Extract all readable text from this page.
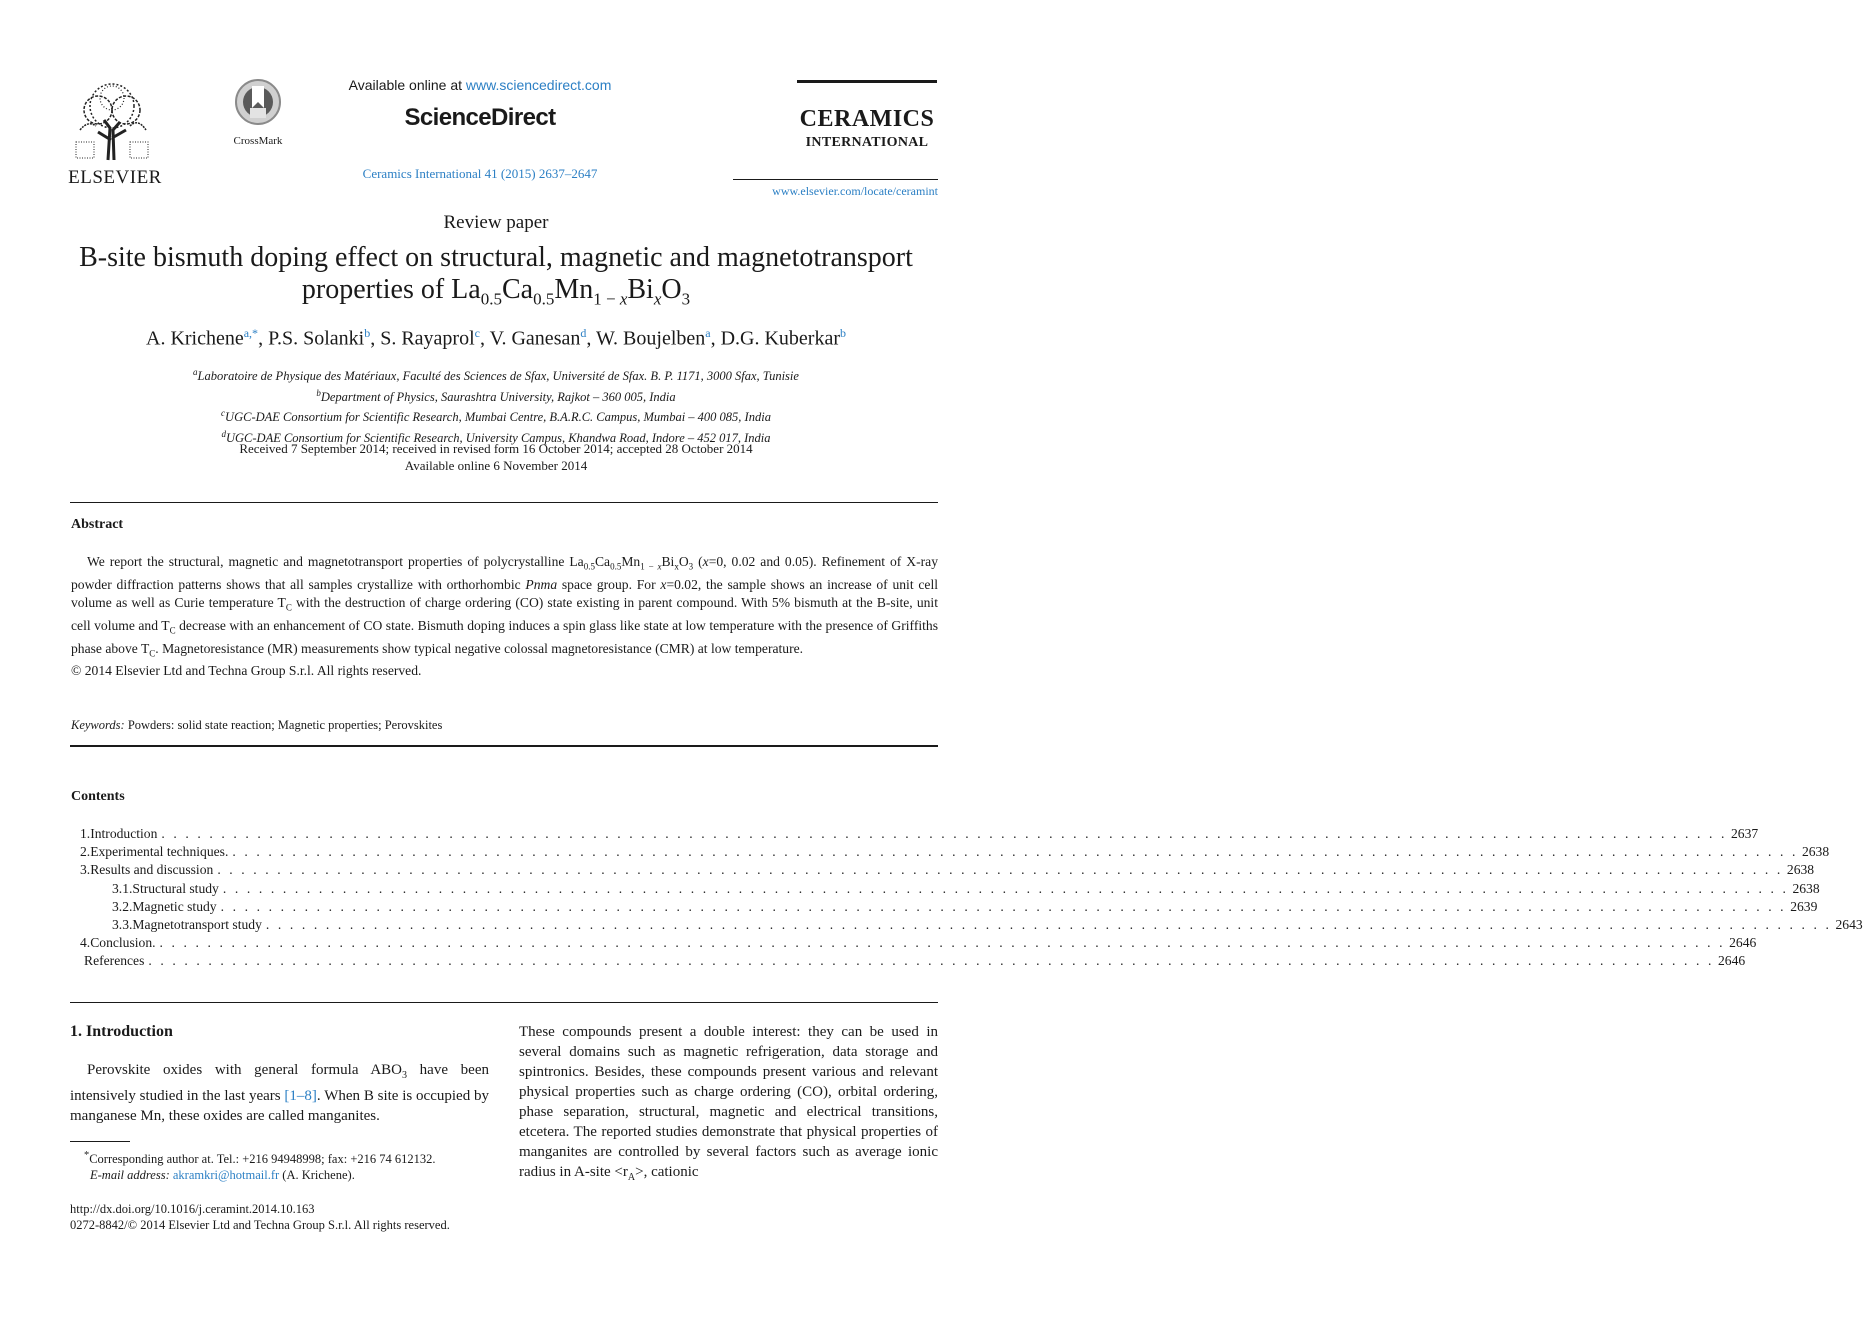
ELSEVIER
CrossMark
Available online at www.sciencedirect.com
ScienceDirect
Ceramics International 41 (2015) 2637–2647
CERAMICS
INTERNATIONAL
www.elsevier.com/locate/ceramint
Review paper
B-site bismuth doping effect on structural, magnetic and magnetotransport
properties of $La_{0.5}Ca_{0.5}Mn_{1 - x}Bi_xO_3$
A. Krichene$^{a,*}$, P.S. Solanki$^b$, S. Rayaprol$^c$, V. Ganesan$^d$, W. Boujelben$^a$, D.G. Kuberkar$^b$
$^a$Laboratoire de Physique des Matériaux, Faculté des Sciences de Sfax, Université de Sfax. B. P. 1171, 3000 Sfax, Tunisie
$^b$Department of Physics, Saurashtra University, Rajkot – 360 005, India
$^c$UGC-DAE Consortium for Scientific Research, Mumbai Centre, B.A.R.C. Campus, Mumbai – 400 085, India
$^d$UGC-DAE Consortium for Scientific Research, University Campus, Khandwa Road, Indore – 452 017, India
Received 7 September 2014; received in revised form 16 October 2014; accepted 28 October 2014
Available online 6 November 2014
Abstract

We report the structural, magnetic and magnetotransport properties of polycrystalline $La_{0.5}Ca_{0.5}Mn_{1 - x}Bi_xO_3$ (x=0, 0.02 and 0.05). Refinement of X-ray powder diffraction patterns shows that all samples crystallize with orthorhombic Pnma space group. For x=0.02, the sample shows an increase of unit cell volume as well as Curie temperature $T_C$ with the destruction of charge ordering (CO) state existing in parent compound. With 5% bismuth at the B-site, unit cell volume and $T_C$ decrease with an enhancement of CO state. Bismuth doping induces a spin glass like state at low temperature with the presence of Griffiths phase above $T_C$. Magnetoresistance (MR) measurements show typical negative colossal magnetoresistance (CMR) at low temperature.

© 2014 Elsevier Ltd and Techna Group S.r.l. All rights reserved.
Keywords: Powders: solid state reaction; Magnetic properties; Perovskites
Contents
1. Introduction . . . . . . . . . . . . . . . . . . . . . . . . . . . . . . . . . . . . . . . . . . . . . . . . . . . . . . . . . . . . . . . . . . . . . . . . . . . . . . . . . . . . . . . . . . . . . . . . . . . . . . . . . . . . . . . . . . . . . . . . . . . . . . . . . . . 2637
2. Experimental techniques. . . . . . . . . . . . . . . . . . . . . . . . . . . . . . . . . . . . . . . . . . . . . . . . . . . . . . . . . . . . . . . . . . . . . . . . . . . . . . . . . . . . . . . . . . . . . . . . . . . . . . . . . . . . . . . . . . . . . . . . . . . . . . . . . . . . 2638
3. Results and discussion . . . . . . . . . . . . . . . . . . . . . . . . . . . . . . . . . . . . . . . . . . . . . . . . . . . . . . . . . . . . . . . . . . . . . . . . . . . . . . . . . . . . . . . . . . . . . . . . . . . . . . . . . . . . . . . . . . . . . . . . . . . . . . . . . . . 2638
3.1. Structural study . . . . . . . . . . . . . . . . . . . . . . . . . . . . . . . . . . . . . . . . . . . . . . . . . . . . . . . . . . . . . . . . . . . . . . . . . . . . . . . . . . . . . . . . . . . . . . . . . . . . . . . . . . . . . . . . . . . . . . . . . . . . . . . . . . . 2638
3.2. Magnetic study . . . . . . . . . . . . . . . . . . . . . . . . . . . . . . . . . . . . . . . . . . . . . . . . . . . . . . . . . . . . . . . . . . . . . . . . . . . . . . . . . . . . . . . . . . . . . . . . . . . . . . . . . . . . . . . . . . . . . . . . . . . . . . . . . . . 2639
3.3. Magnetotransport study . . . . . . . . . . . . . . . . . . . . . . . . . . . . . . . . . . . . . . . . . . . . . . . . . . . . . . . . . . . . . . . . . . . . . . . . . . . . . . . . . . . . . . . . . . . . . . . . . . . . . . . . . . . . . . . . . . . . . . . . . . . . . . . . . . . 2643
4. Conclusion. . . . . . . . . . . . . . . . . . . . . . . . . . . . . . . . . . . . . . . . . . . . . . . . . . . . . . . . . . . . . . . . . . . . . . . . . . . . . . . . . . . . . . . . . . . . . . . . . . . . . . . . . . . . . . . . . . . . . . . . . . . . . . . . . . . . 2646
References . . . . . . . . . . . . . . . . . . . . . . . . . . . . . . . . . . . . . . . . . . . . . . . . . . . . . . . . . . . . . . . . . . . . . . . . . . . . . . . . . . . . . . . . . . . . . . . . . . . . . . . . . . . . . . . . . . . . . . . . . . . . . . . . . . . 2646
1. Introduction

Perovskite oxides with general formula $ABO_3$ have been intensively studied in the last years [1–8]. When B site is occupied by manganese Mn, these oxides are called manganites.

These compounds present a double interest: they can be used in several domains such as magnetic refrigeration, data storage and spintronics. Besides, these compounds present various and relevant physical properties such as charge ordering (CO), orbital ordering, phase separation, structural, magnetic and electrical transitions, etcetera. The reported studies demonstrate that physical properties of manganites are controlled by several factors such as average ionic radius in A-site $<r_A>$, cationic

*Corresponding author at. Tel.: +216 94948998; fax: +216 74 612132.
E-mail address: akramkri@hotmail.fr (A. Krichene).
http://dx.doi.org/10.1016/j.ceramint.2014.10.163
0272-8842/© 2014 Elsevier Ltd and Techna Group S.r.l. All rights reserved.
